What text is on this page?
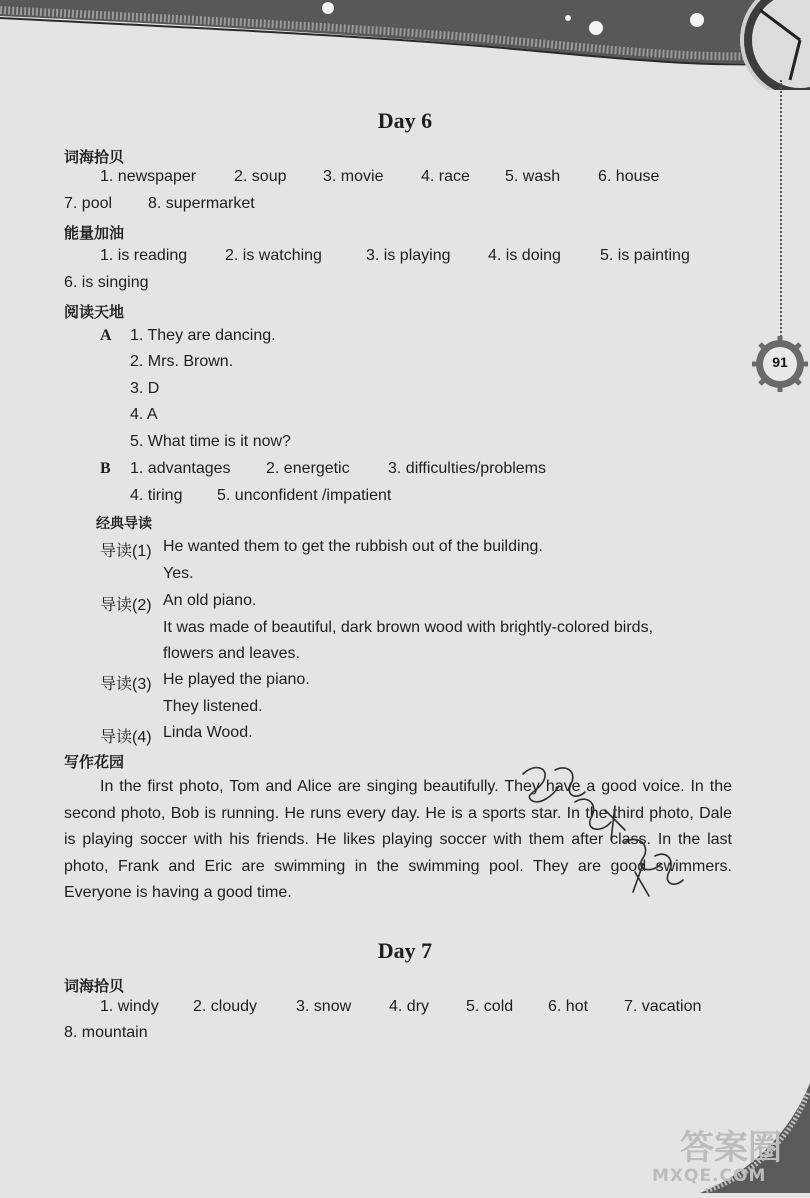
91
Day 6
词海拾贝
1. newspaper 2. soup 3. movie 4. race 5. wash 6. house
7. pool 8. supermarket
能量加油
1. is reading 2. is watching	3. is playing 4. is doing 5. is painting
6. is singing
阅读天地
A 1. They are dancing.
2. Mrs. Brown.
3. D
4. A
5. What time is it now?
B 1. advantages 2. energetic 3. difficulties/problems
4. tiring 5. unconfident /impatient
经典导读
导读(1) He wanted them to get the rubbish out of the building.
Yes.
导读(2) An old piano.
It was made of beautiful, dark brown wood with brightly-colored birds,
flowers and leaves.
导读(3) He played the piano.
They listened.
导读(4) Linda Wood.
写作花园

In the first photo, Tom and Alice are singing beautifully. They have a good voice. In the second photo, Bob is running. He runs every day. He is a sports star. In the third photo, Dale is playing soccer with his friends. He likes playing soccer with them after class. In the last photo, Frank and Eric are swimming in the swimming pool. They are good swimmers. Everyone is having a good time.

Day 7
词海拾贝
1. windy 2. cloudy 3. snow 4. dry 5. cold 6. hot 7. vacation
8. mountain
答案圈
MXQE.COM
